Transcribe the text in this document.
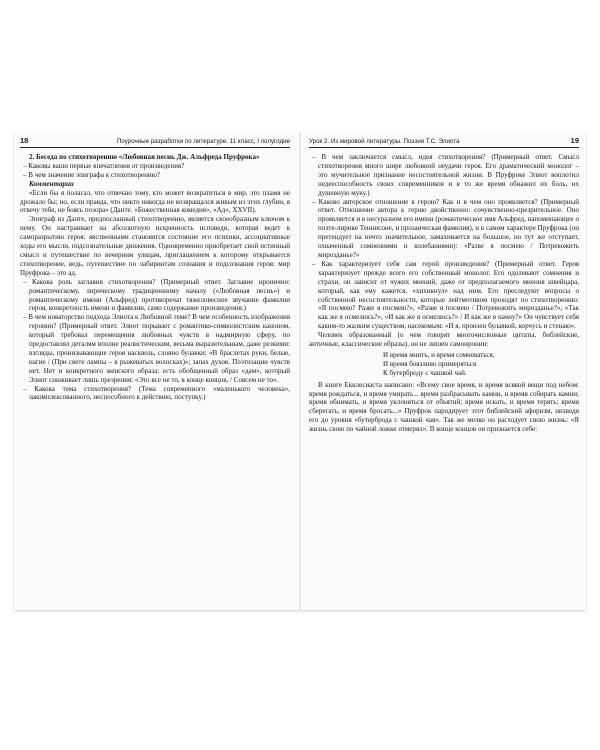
18	Поурочные разработки по литературе. 11 класс, I полугодие

2. Беседа по стихотворению «Любовная песнь Дж. Альфреда Пруфрока»

– Каковы ваши первые впечатления от произведения?

– В чем значение эпиграфа к стихотворению?

Комментарии

«Если бы я полагал, что отвечаю тому, кто может возвратиться в мир, это пламя не дрожало бы; но, если правда, что никто никогда не возвращался живым из этих глубин, я отвечу тебе, не боясь позора» (Данте. «Божественная комедия», «Ад», XXVII).

Эпиграф из Данте, предпосланный стихотворению, является своеобразным ключом к нему. Он настраивает на абсолютную искренность исповеди, которая ведет к саморазрытию героя: явственными становятся состояние его психики, ассоциативные ходы его мысли, подсознательные движения. Одновременно приобретает свой истинный смысл и путешествие по вечерним улицам, приглашением к которому открывается стихотворение, ведь, путешествие по лабиринтам сознания и подсознания героя: мир Пруфрока – это ад.

– Какова роль заглавия стихотворения? (Примерный ответ. Заглавие иронично: романтическому, лирическому традиционному началу («Любовная песнь») и романтическому имени (Альфред) противоречат тяжеловесное звучание фамилии героя, конкретность имени и фамилии, само содержание произведения.)

– В чем новаторство подхода Элиота к Любовной теме? В чем особенность изображения героини? (Примерный ответ. Элиот порывает с романтико-символистским каноном, который требовал перемещения любовных чувств в надмирную сферу, по предоставлял деталям вполне реалистическим, весьма выразительным, даже резкими: взгляды, пронизывающие героя насквозь, словно булавки; «В браслетах руки, белые, нагие / (При свете лампы – в рыжеватых волосках)»; запах духов. Поэтизации чувств нет. Нет и конкретного женского образа: есть обобщенный образ «дам», который Элиот сниживает лишь презрения: «Это все не то, в конце концов, / Совсем не то».

– Какова тема стихотворения? (Тема современного «маленького человека», закомплексованного, неспособного к действию, поступку.)

Урок 2. Из мировой литературы. Поэзия Т.С. Элиота	19

– В чем заключается смысл, идея стихотворения? (Примерный ответ. Смысл стихотворения много шире любовной неудачи героя. Его драматический монолог – это мучительное признание несостоятельной жизни. В Пруфроке Элиот воплотил недееспособность своих современников и в то же время обнажил их боль, их душевную муку.)

– Каково авторское отношение к герою? Как и в чем оно проявляется? (Примерный ответ. Отношение автора к герою двойственно: сочувственно-презрительное. Оно проявляется и в несуразном его имени (романтическое имя Альфред, напоминающее о поэте-лирике Теннисоне, и прозаическая фамилия), и в самом характере Пруфрока (он претендует на нечто значительное, замахивается на большое, но тут же отступает, охваченный сомнениями и колебаниями): «Разве я посмею / Потревожить мирозданье?»

– Как характеризует себя сам герой произведения? (Примерный ответ. Героя характеризует прежде всего его собственный монолог. Его одолевают сомнения и страхи, он зависит от чужих мнений, даже от предполагаемого мнения швейцара, который, как ему кажется, «хихикнул» над ним. Его преследуют вопросы о собственной несостоятельности, которые лейтмотивом проходят по стихотворению: «Я посмею? Разве я посмею?», «Разве я посмею / Потревожить мирозданье?», «Так как же я осмелюсь?», «И как же я осмелюсь?» / И как же я начну?» Он чувствует себя каким-то жалким существом, насекомым: «И я, пронзен булавкой, корчусь и стенаю».

Человек образованный (о чем говорят многочисленные цитаты, библейские, античные, классические образы), он не лишен самоиронии:

И время мнить, и время сомневаться,
И время боязливо примеряться
К бутерброду с чашкой чай.

В книге Екклесиаста написано: «Всему свое время, и время всякой вещи под небом: время рождаться, и время умирать... время разбрасывать камни, и время собирать камни; время обнимать, и время уклоняться от объятий; время искать, и время терять; время сберегать, и время бросать...» Пруфрок пародирует этот библейский афоризм, низводя его до уровня «бутерброда с чашкой чая». Так же мелко он расходует свою жизнь: «Я жизнь свою по чайной ложке отмерял». В конце концов он признается себе:
